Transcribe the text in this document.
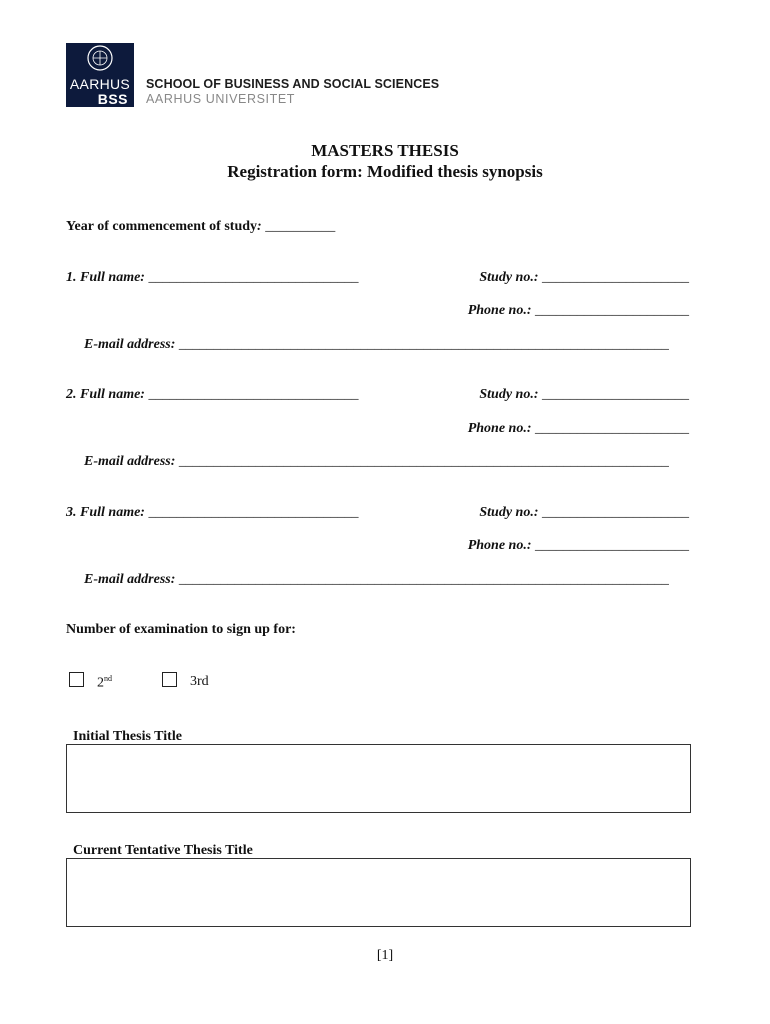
AARHUS
BSS
SCHOOL OF BUSINESS AND SOCIAL SCIENCES
AARHUS UNIVERSITET
MASTERS THESIS
Registration form: Modified thesis synopsis
Year of commencement of study: __________
1. Full name: ______________________________	Study no.: _____________________
Phone no.: ______________________
E-mail address: ______________________________________________________________________
2. Full name: ______________________________	Study no.: _____________________
Phone no.: ______________________
E-mail address: ______________________________________________________________________
3. Full name: ______________________________	Study no.: _____________________
Phone no.: ______________________
E-mail address: ______________________________________________________________________
Number of examination to sign up for:
2nd	3rd
Initial Thesis Title
Current Tentative Thesis Title
[1]
